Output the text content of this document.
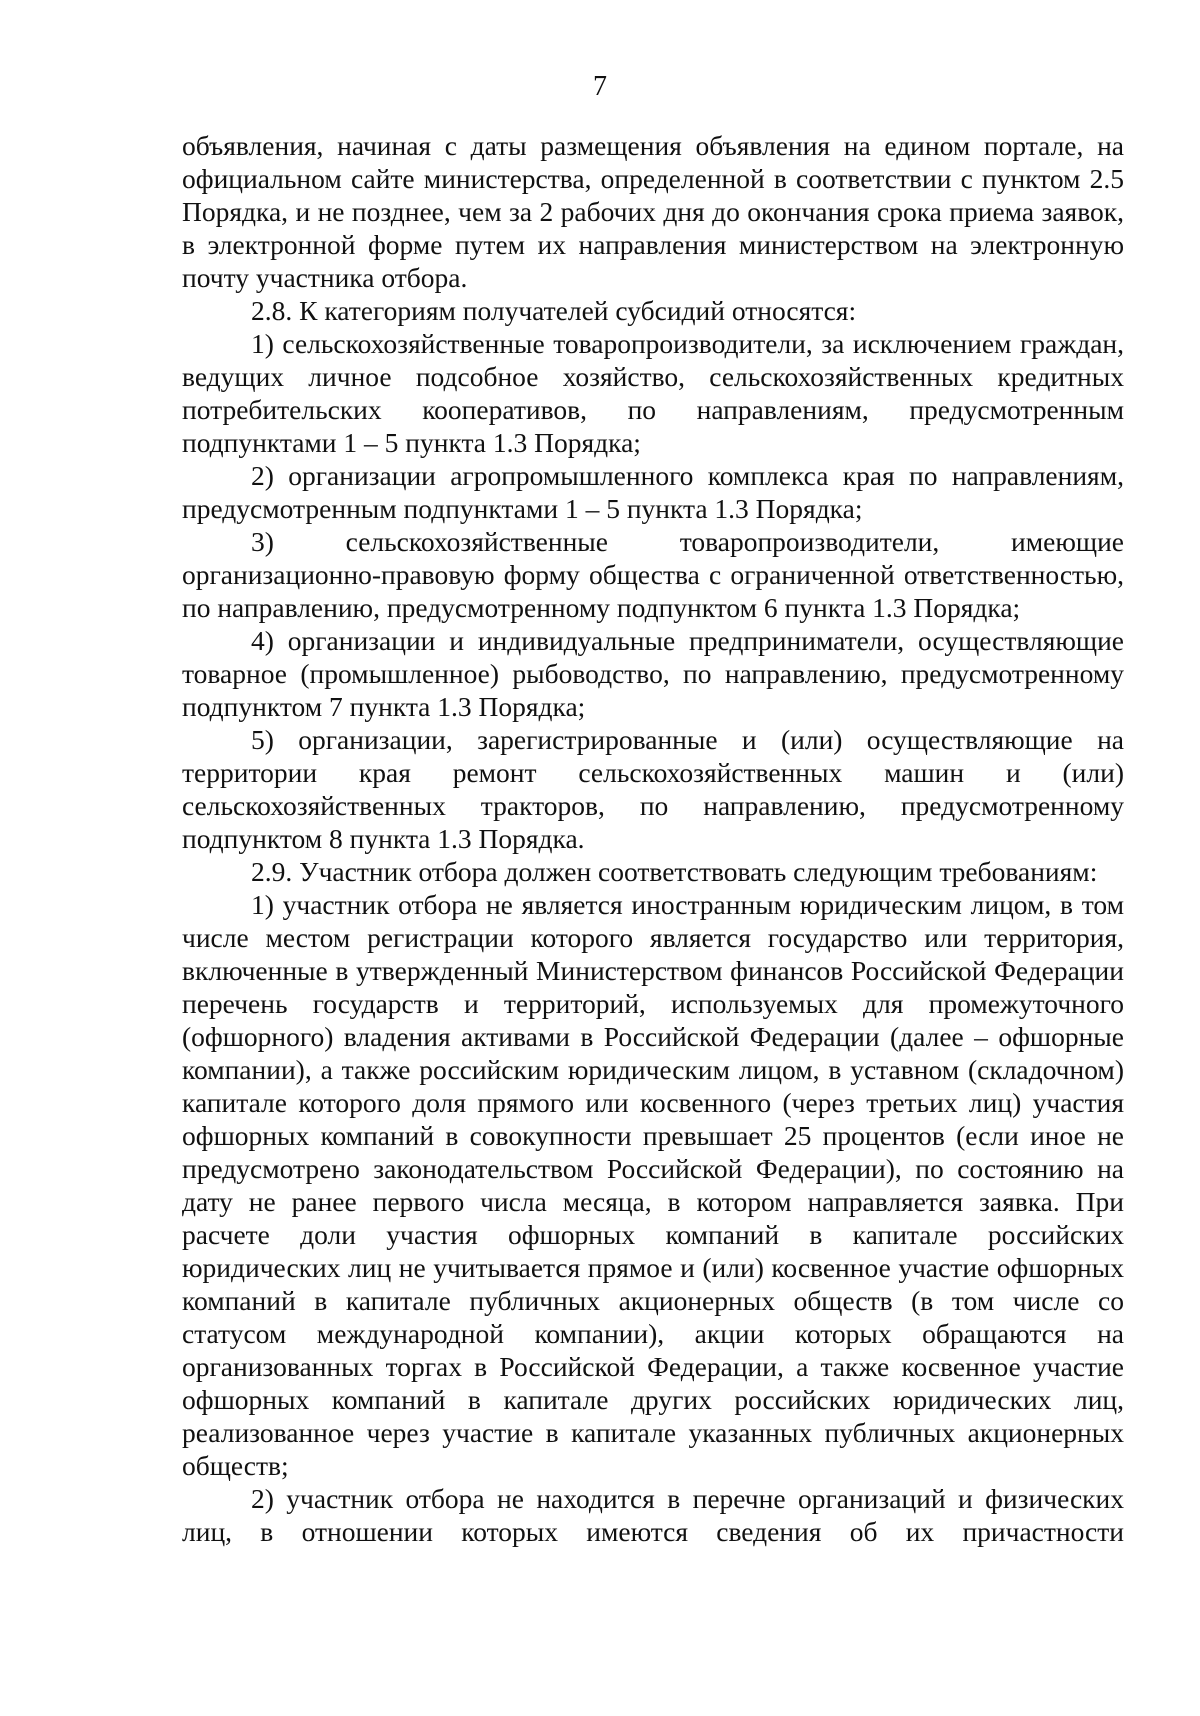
7

объявления, начиная с даты размещения объявления на едином портале, на официальном сайте министерства, определенной в соответствии с пунктом 2.5 Порядка, и не позднее, чем за 2 рабочих дня до окончания срока приема заявок, в электронной форме путем их направления министерством на электронную почту участника отбора.

2.8. К категориям получателей субсидий относятся:

1) сельскохозяйственные товаропроизводители, за исключением граждан, ведущих личное подсобное хозяйство, сельскохозяйственных кредитных потребительских кооперативов, по направлениям, предусмотренным подпунктами 1 – 5 пункта 1.3 Порядка;

2) организации агропромышленного комплекса края по направлениям, предусмотренным подпунктами 1 – 5 пункта 1.3 Порядка;

3) сельскохозяйственные товаропроизводители, имеющие организационно-правовую форму общества с ограниченной ответственностью, по направлению, предусмотренному подпунктом 6 пункта 1.3 Порядка;

4) организации и индивидуальные предприниматели, осуществляющие товарное (промышленное) рыбоводство, по направлению, предусмотренному подпунктом 7 пункта 1.3 Порядка;

5) организации, зарегистрированные и (или) осуществляющие на территории края ремонт сельскохозяйственных машин и (или) сельскохозяйственных тракторов, по направлению, предусмотренному подпунктом 8 пункта 1.3 Порядка.

2.9. Участник отбора должен соответствовать следующим требованиям:

1) участник отбора не является иностранным юридическим лицом, в том числе местом регистрации которого является государство или территория, включенные в утвержденный Министерством финансов Российской Федерации перечень государств и территорий, используемых для промежуточного (офшорного) владения активами в Российской Федерации (далее – офшорные компании), а также российским юридическим лицом, в уставном (складочном) капитале которого доля прямого или косвенного (через третьих лиц) участия офшорных компаний в совокупности превышает 25 процентов (если иное не предусмотрено законодательством Российской Федерации), по состоянию на дату не ранее первого числа месяца, в котором направляется заявка. При расчете доли участия офшорных компаний в капитале российских юридических лиц не учитывается прямое и (или) косвенное участие офшорных компаний в капитале публичных акционерных обществ (в том числе со статусом международной компании), акции которых обращаются на организованных торгах в Российской Федерации, а также косвенное участие офшорных компаний в капитале других российских юридических лиц, реализованное через участие в капитале указанных публичных акционерных обществ;

2) участник отбора не находится в перечне организаций и физических лиц, в отношении которых имеются сведения об их причастности
